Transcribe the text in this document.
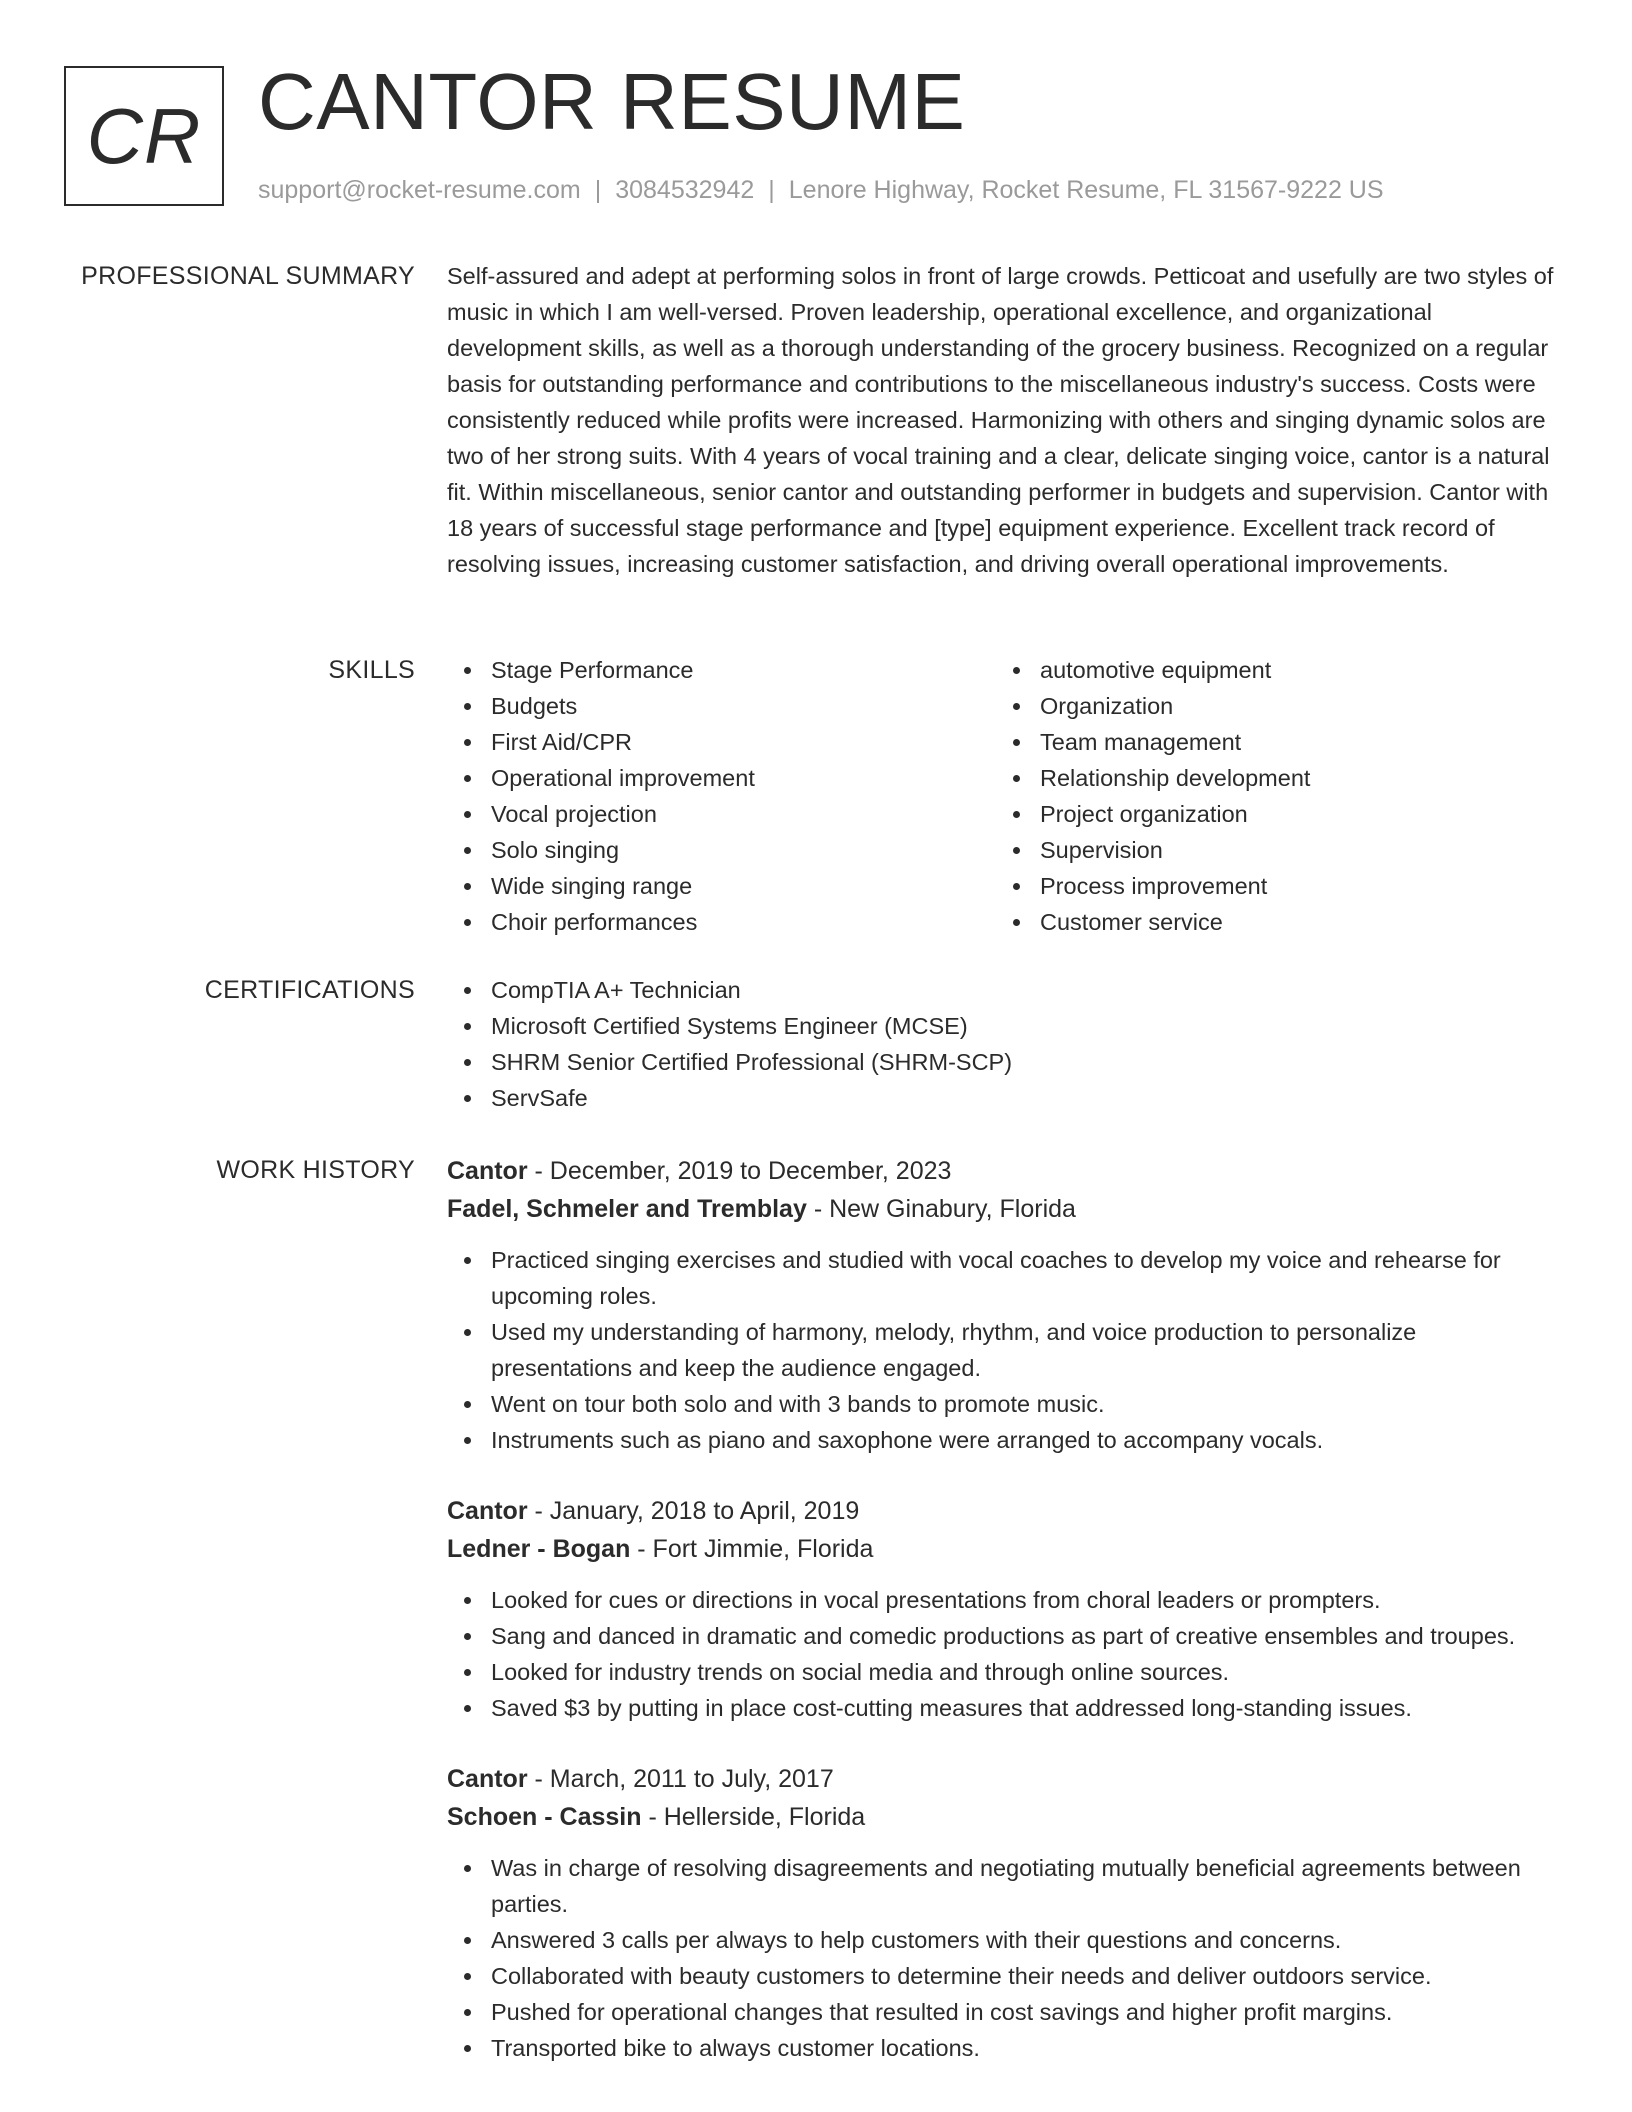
CR CANTOR RESUME
support@rocket-resume.com | 3084532942 | Lenore Highway, Rocket Resume, FL 31567-9222 US
PROFESSIONAL SUMMARY Self-assured and adept at performing solos in front of large crowds. Petticoat and usefully are two styles of music in which I am well-versed. Proven leadership, operational excellence, and organizational development skills, as well as a thorough understanding of the grocery business. Recognized on a regular basis for outstanding performance and contributions to the miscellaneous industry's success. Costs were consistently reduced while profits were increased. Harmonizing with others and singing dynamic solos are two of her strong suits. With 4 years of vocal training and a clear, delicate singing voice, cantor is a natural fit. Within miscellaneous, senior cantor and outstanding performer in budgets and supervision. Cantor with 18 years of successful stage performance and [type] equipment experience. Excellent track record of resolving issues, increasing customer satisfaction, and driving overall operational improvements.

SKILLS	Stage Performance
Budgets
First Aid/CPR
Operational improvement
Vocal projection
Solo singing
Wide singing range
Choir performances
automotive equipment
Organization
Team management
Relationship development
Project organization
Supervision
Process improvement
Customer service
CERTIFICATIONS	CompTIA A+ Technician
Microsoft Certified Systems Engineer (MCSE)
SHRM Senior Certified Professional (SHRM-SCP)
ServSafe
WORK HISTORY Cantor - December, 2019 to December, 2023
Fadel, Schmeler and Tremblay - New Ginabury, Florida
Practiced singing exercises and studied with vocal coaches to develop my voice and rehearse for upcoming roles.
Used my understanding of harmony, melody, rhythm, and voice production to personalize presentations and keep the audience engaged.
Went on tour both solo and with 3 bands to promote music.
Instruments such as piano and saxophone were arranged to accompany vocals.
Cantor - January, 2018 to April, 2019
Ledner - Bogan - Fort Jimmie, Florida
Looked for cues or directions in vocal presentations from choral leaders or prompters.
Sang and danced in dramatic and comedic productions as part of creative ensembles and troupes.
Looked for industry trends on social media and through online sources.
Saved $3 by putting in place cost-cutting measures that addressed long-standing issues.
Cantor - March, 2011 to July, 2017
Schoen - Cassin - Hellerside, Florida
Was in charge of resolving disagreements and negotiating mutually beneficial agreements between parties.
Answered 3 calls per always to help customers with their questions and concerns.
Collaborated with beauty customers to determine their needs and deliver outdoors service.
Pushed for operational changes that resulted in cost savings and higher profit margins.
Transported bike to always customer locations.
